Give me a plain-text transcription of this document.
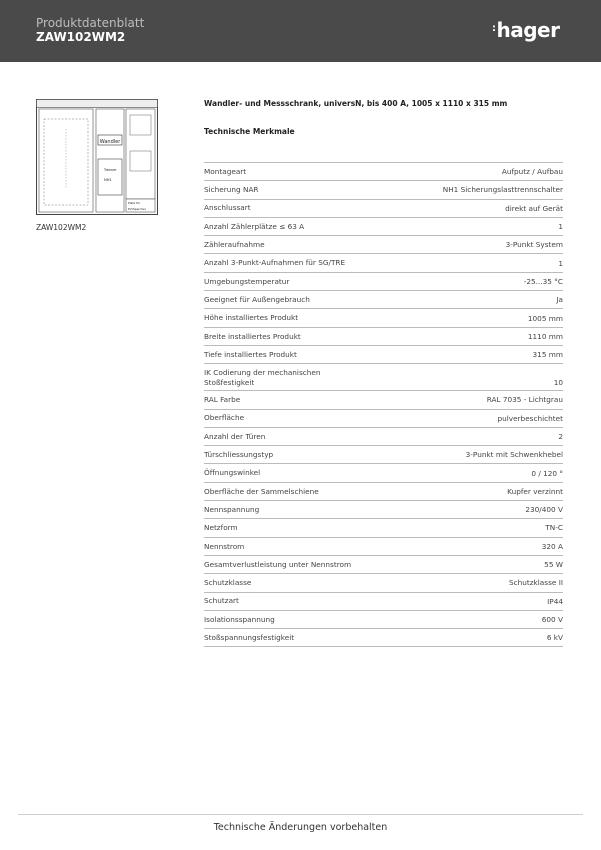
Produktdatenblatt
ZAW102WM2
:hager
Wandler
Trenner
NH1
Platz für
PV/Speicher
ZAW102WM2
Wandler- und Messschrank, universN, bis 400 A, 1005 x 1110 x 315 mm
Technische Merkmale
Montageart	Aufputz / Aufbau
Sicherung NAR	NH1 Sicherungslasttrennschalter
Anschlussart	direkt auf Gerät
Anzahl Zählerplätze ≤ 63 A	1
Zähleraufnahme	3-Punkt System
Anzahl 3-Punkt-Aufnahmen für SG/TRE	1
Umgebungstemperatur	-25...35 °C
Geeignet für Außengebrauch	Ja
Höhe installiertes Produkt	1005 mm
Breite installiertes Produkt	1110 mm
Tiefe installiertes Produkt	315 mm
IK Codierung der mechanischen Stoßfestigkeit	10
RAL Farbe	RAL 7035 - Lichtgrau
Oberfläche	pulverbeschichtet
Anzahl der Türen	2
Türschliessungstyp	3-Punkt mit Schwenkhebel
Öffnungswinkel	0 / 120 °
Oberfläche der Sammelschiene	Kupfer verzinnt
Nennspannung	230/400 V
Netzform	TN-C
Nennstrom	320 A
Gesamtverlustleistung unter Nennstrom	55 W
Schutzklasse	Schutzklasse II
Schutzart	IP44
Isolationsspannung	600 V
Stoßspannungsfestigkeit	6 kV
Technische Änderungen vorbehalten
